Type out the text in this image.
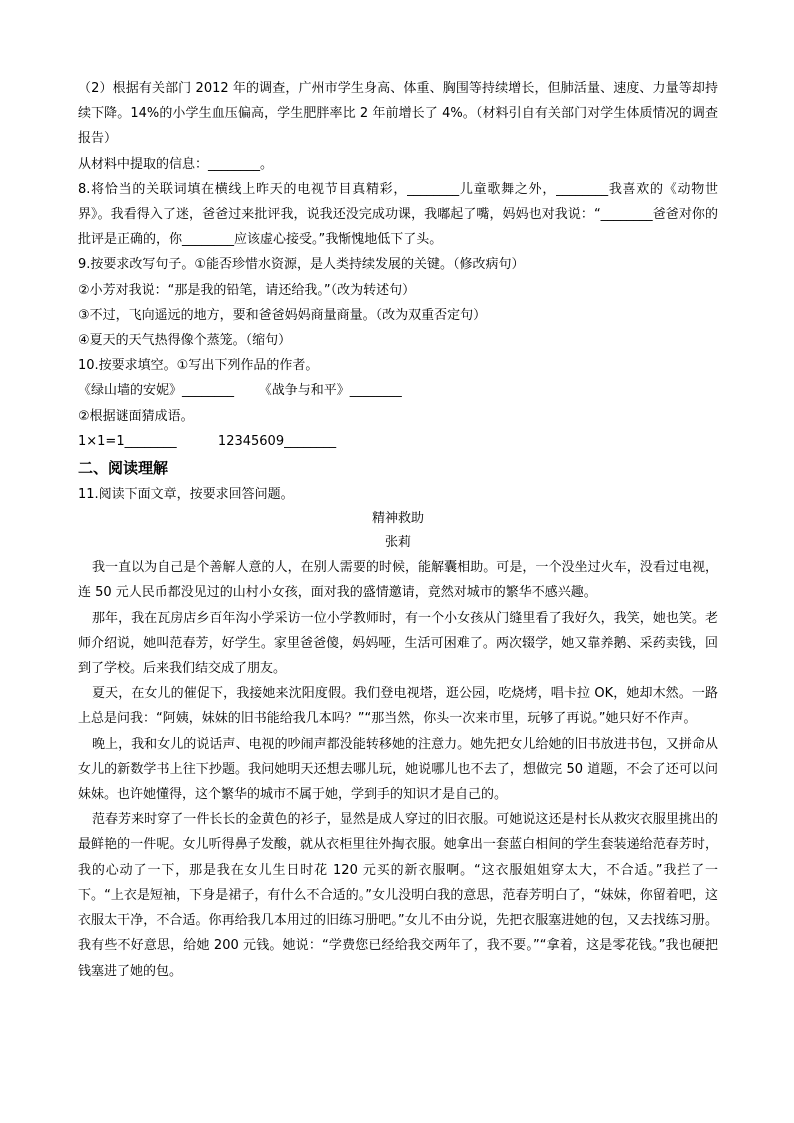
（2）根据有关部门 2012 年的调查，广州市学生身高、体重、胸围等持续增长，但肺活量、速度、力量等却持续下降。14%的小学生血压偏高，学生肥胖率比 2 年前增长了 4%。（材料引自有关部门对学生体质情况的调查报告）

从材料中提取的信息：________。

8.将恰当的关联词填在横线上昨天的电视节目真精彩，________儿童歌舞之外，________我喜欢的《动物世界》。我看得入了迷，爸爸过来批评我，说我还没完成功课，我嘟起了嘴，妈妈也对我说：“________爸爸对你的批评是正确的，你________应该虚心接受。”我惭愧地低下了头。

9.按要求改写句子。①能否珍惜水资源，是人类持续发展的关键。（修改病句）

②小芳对我说：“那是我的铅笔，请还给我。”（改为转述句）

③不过，飞向遥远的地方，要和爸爸妈妈商量商量。（改为双重否定句）

④夏天的天气热得像个蒸笼。（缩句）

10.按要求填空。①写出下列作品的作者。

《绿山墙的安妮》________      《战争与和平》________

②根据谜面猜成语。

1×1=1________          12345609________

二、阅读理解

11.阅读下面文章，按要求回答问题。

精神救助

张莉

我一直以为自己是个善解人意的人，在别人需要的时候，能解囊相助。可是，一个没坐过火车，没看过电视，连 50 元人民币都没见过的山村小女孩，面对我的盛情邀请，竟然对城市的繁华不感兴趣。

那年，我在瓦房店乡百年沟小学采访一位小学教师时，有一个小女孩从门缝里看了我好久，我笑，她也笑。老师介绍说，她叫范春芳，好学生。家里爸爸傻，妈妈哑，生活可困难了。两次辍学，她又靠养鹅、采药卖钱，回到了学校。后来我们结交成了朋友。

夏天，在女儿的催促下，我接她来沈阳度假。我们登电视塔，逛公园，吃烧烤，唱卡拉 OK，她却木然。一路上总是问我：“阿姨，妹妹的旧书能给我几本吗？”“那当然，你头一次来市里，玩够了再说。”她只好不作声。

晚上，我和女儿的说话声、电视的吵闹声都没能转移她的注意力。她先把女儿给她的旧书放进书包，又拼命从女儿的新数学书上往下抄题。我问她明天还想去哪儿玩，她说哪儿也不去了，想做完 50 道题，不会了还可以问妹妹。也许她懂得，这个繁华的城市不属于她，学到手的知识才是自己的。

范春芳来时穿了一件长长的金黄色的衫子，显然是成人穿过的旧衣服。可她说这还是村长从救灾衣服里挑出的最鲜艳的一件呢。女儿听得鼻子发酸，就从衣柜里往外掏衣服。她拿出一套蓝白相间的学生套装递给范春芳时，我的心动了一下，那是我在女儿生日时花 120 元买的新衣服啊。“这衣服姐姐穿太大，不合适。”我拦了一下。“上衣是短袖，下身是裙子，有什么不合适的。”女儿没明白我的意思，范春芳明白了，“妹妹，你留着吧，这衣服太干净，不合适。你再给我几本用过的旧练习册吧。”女儿不由分说，先把衣服塞进她的包，又去找练习册。我有些不好意思，给她 200 元钱。她说：“学费您已经给我交两年了，我不要。”“拿着，这是零花钱。”我也硬把钱塞进了她的包。
